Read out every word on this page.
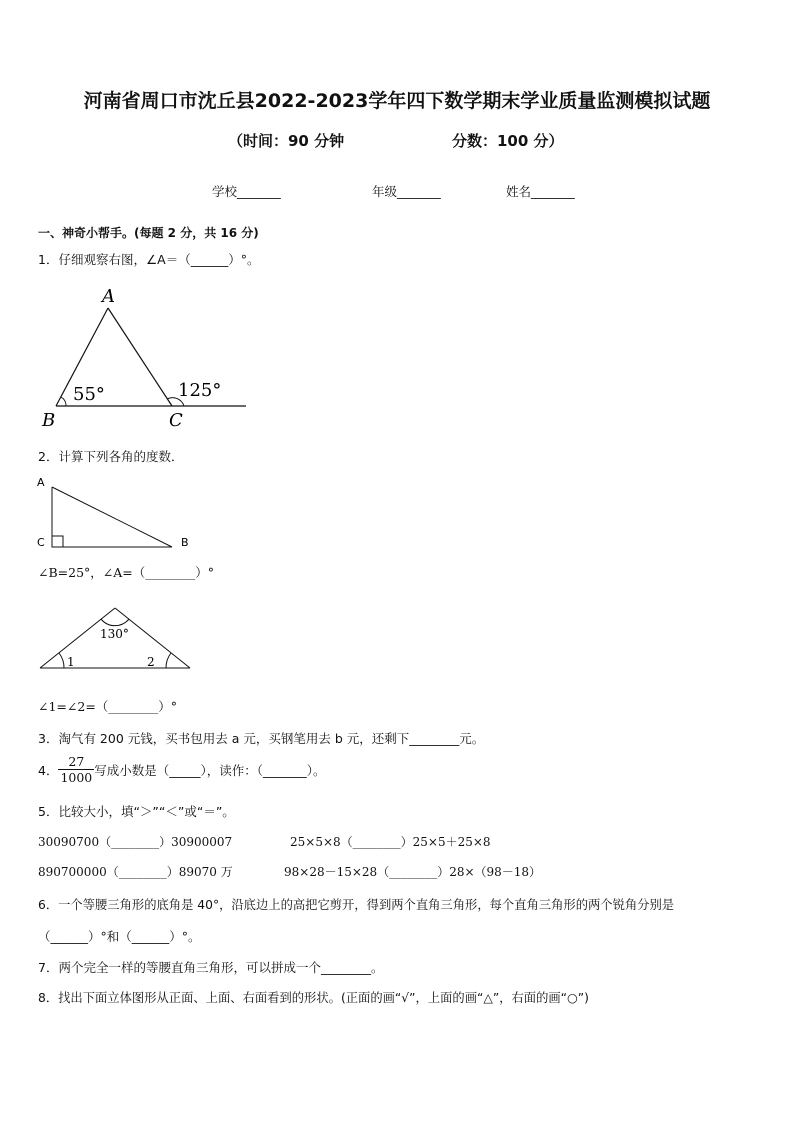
河南省周口市沈丘县2022-2023学年四下数学期末学业质量监测模拟试题
（时间：90 分钟	分数：100 分）
学校_______	年级_______	姓名_______
一、神奇小帮手。(每题 2 分，共 16 分)
1．仔细观察右图，∠A＝（______）°。
A
B	C
55°	125°
2．计算下列各角的度数．
A
C	B
∠B=25°，∠A=（________）°
130°
1	2
∠1=∠2=（________）°
3．淘气有 200 元钱，买书包用去 a 元，买钢笔用去 b 元，还剩下________元。
4． $\frac{27}{1000}$ 写成小数是（_____），读作：（_______）。
5．比较大小，填“＞”“＜”或“＝”。
30090700（________）30900007	25×5×8（________）25×5＋25×8
890700000（________）89070 万	98×28－15×28（________）28×（98－18）
6．一个等腰三角形的底角是 40°，沿底边上的高把它剪开，得到两个直角三角形，每个直角三角形的两个锐角分别是
（______）°和（______）°。
7．两个完全一样的等腰直角三角形，可以拼成一个________。
8．找出下面立体图形从正面、上面、右面看到的形状。(正面的画“√”，上面的画“△”，右面的画“○”)
